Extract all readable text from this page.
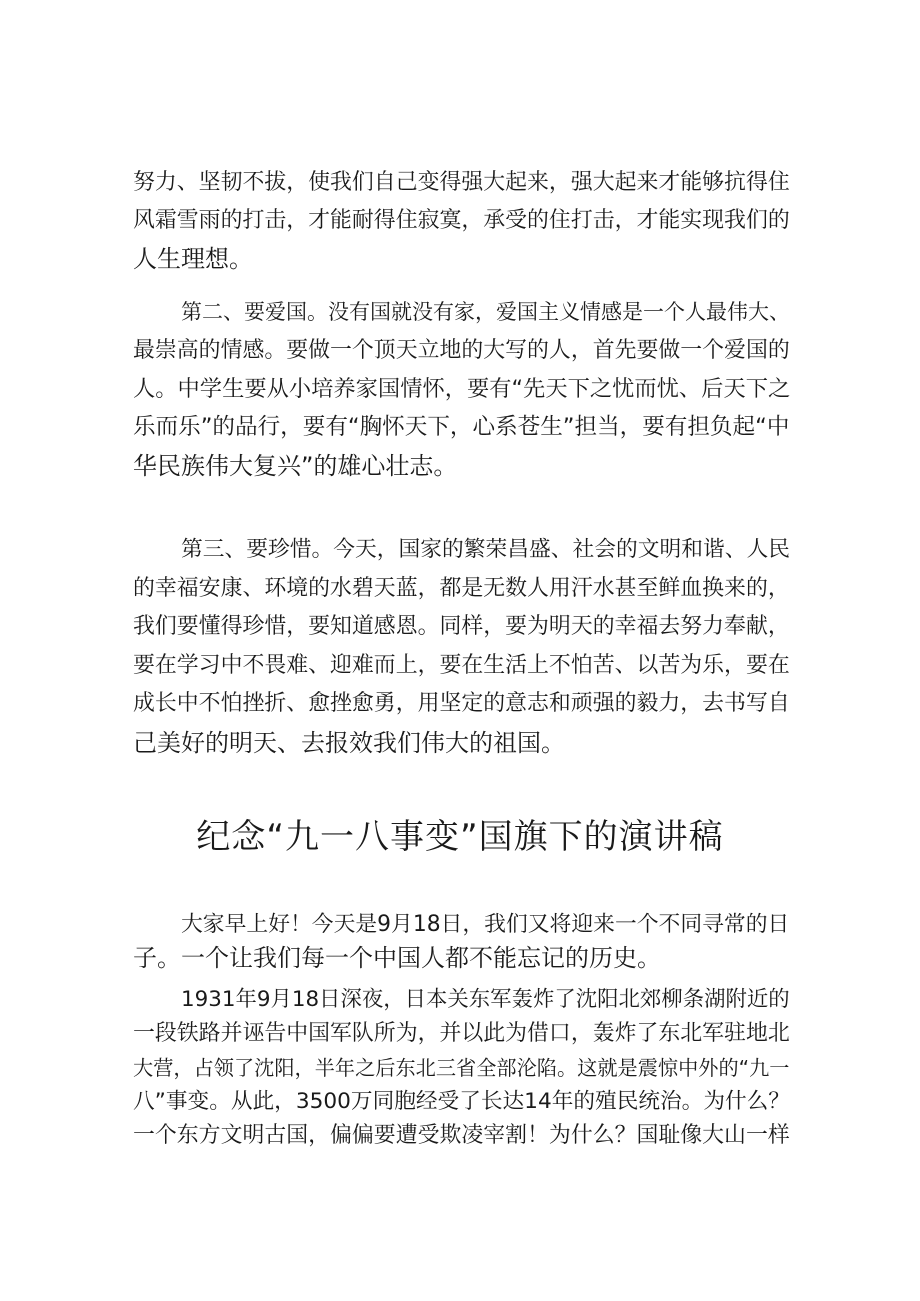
努力、坚韧不拔，使我们自己变得强大起来，强大起来才能够抗得住
风霜雪雨的打击，才能耐得住寂寞，承受的住打击，才能实现我们的
人生理想。
第二、要爱国。没有国就没有家，爱国主义情感是一个人最伟大、
最崇高的情感。要做一个顶天立地的大写的人，首先要做一个爱国的
人。中学生要从小培养家国情怀，要有“先天下之忧而忧、后天下之
乐而乐”的品行，要有“胸怀天下，心系苍生”担当，要有担负起“中
华民族伟大复兴”的雄心壮志。
第三、要珍惜。今天，国家的繁荣昌盛、社会的文明和谐、人民
的幸福安康、环境的水碧天蓝，都是无数人用汗水甚至鲜血换来的，
我们要懂得珍惜，要知道感恩。同样，要为明天的幸福去努力奉献，
要在学习中不畏难、迎难而上，要在生活上不怕苦、以苦为乐，要在
成长中不怕挫折、愈挫愈勇，用坚定的意志和顽强的毅力，去书写自
己美好的明天、去报效我们伟大的祖国。
纪念“九一八事变”国旗下的演讲稿
大家早上好！今天是9月18日，我们又将迎来一个不同寻常的日
子。一个让我们每一个中国人都不能忘记的历史。
1931年9月18日深夜，日本关东军轰炸了沈阳北郊柳条湖附近的
一段铁路并诬告中国军队所为，并以此为借口，轰炸了东北军驻地北
大营，占领了沈阳，半年之后东北三省全部沦陷。这就是震惊中外的“九一
八”事变。从此，3500万同胞经受了长达14年的殖民统治。为什么？
一个东方文明古国，偏偏要遭受欺凌宰割！为什么？国耻像大山一样
